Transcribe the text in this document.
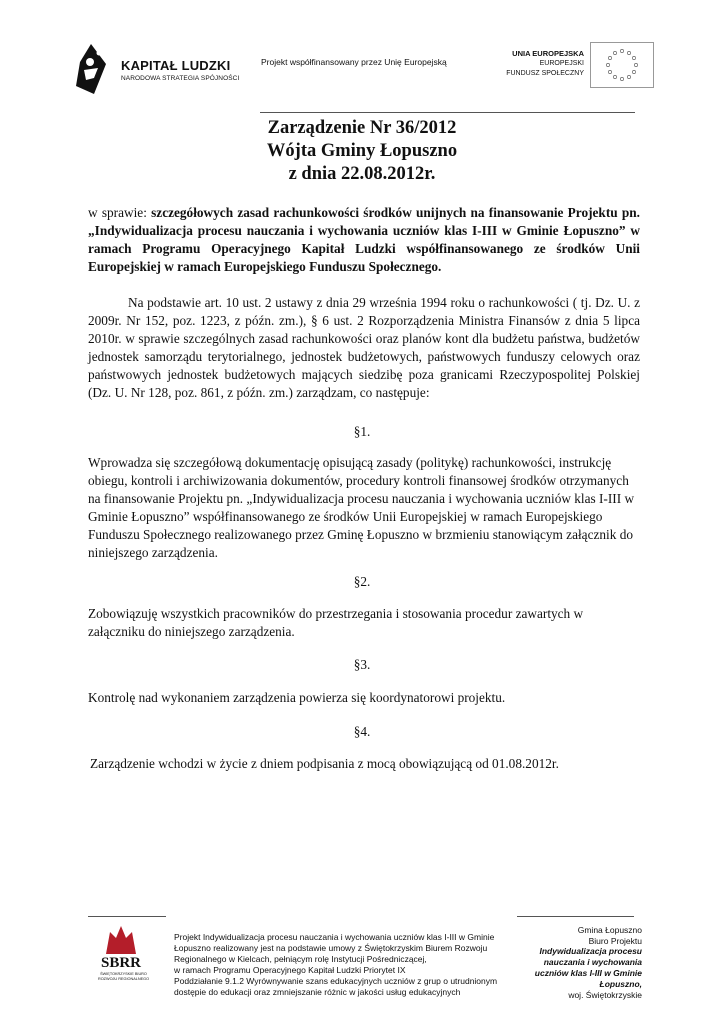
KAPITAŁ LUDZKI
NARODOWA STRATEGIA SPÓJNOŚCI
Projekt współfinansowany przez Unię Europejską
UNIA EUROPEJSKA
EUROPEJSKI
FUNDUSZ SPOŁECZNY
Zarządzenie Nr 36/2012
Wójta Gminy Łopuszno
z dnia 22.08.2012r.
w sprawie: szczegółowych zasad rachunkowości środków unijnych na finansowanie Projektu pn. „Indywidualizacja procesu nauczania i wychowania uczniów klas I-III w Gminie Łopuszno” w ramach Programu Operacyjnego Kapitał Ludzki współfinansowanego ze środków Unii Europejskiej w ramach Europejskiego Funduszu Społecznego.
Na podstawie art. 10 ust. 2 ustawy z dnia 29 września 1994 roku o rachunkowości ( tj. Dz. U. z 2009r. Nr 152, poz. 1223, z późn. zm.), § 6 ust. 2 Rozporządzenia Ministra Finansów z dnia 5 lipca 2010r. w sprawie szczególnych zasad rachunkowości oraz planów kont dla budżetu państwa, budżetów jednostek samorządu terytorialnego, jednostek budżetowych, państwowych funduszy celowych oraz państwowych jednostek budżetowych mających siedzibę poza granicami Rzeczypospolitej Polskiej (Dz. U. Nr 128, poz. 861, z późn. zm.) zarządzam, co następuje:
§1.
Wprowadza się szczegółową dokumentację opisującą zasady (politykę) rachunkowości, instrukcję obiegu, kontroli i archiwizowania dokumentów, procedury kontroli finansowej środków otrzymanych na finansowanie Projektu pn. „Indywidualizacja procesu nauczania i wychowania uczniów klas I-III w Gminie Łopuszno” współfinansowanego ze środków Unii Europejskiej w ramach Europejskiego Funduszu Społecznego realizowanego przez Gminę Łopuszno w brzmieniu stanowiącym załącznik do niniejszego zarządzenia.
§2.
Zobowiązuję wszystkich pracowników do przestrzegania i stosowania procedur zawartych w załączniku do niniejszego zarządzenia.
§3.
Kontrolę nad wykonaniem zarządzenia powierza się koordynatorowi projektu.
§4.
Zarządzenie wchodzi w życie z dniem podpisania z mocą obowiązującą od 01.08.2012r.
SBRR
ŚWIĘTOKRZYSKIE BIURO ROZWOJU REGIONALNEGO
Projekt Indywidualizacja procesu nauczania i wychowania uczniów klas I-III w Gminie
Łopuszno realizowany jest na podstawie umowy z Świętokrzyskim Biurem Rozwoju
Regionalnego w Kielcach, pełniącym rolę Instytucji Pośredniczącej,
w ramach Programu Operacyjnego Kapitał Ludzki Priorytet IX
Poddziałanie 9.1.2 Wyrównywanie szans edukacyjnych uczniów z grup o utrudnionym
dostępie do edukacji oraz zmniejszanie różnic w jakości usług edukacyjnych
Gmina Łopuszno
Biuro Projektu
Indywidualizacja procesu
nauczania i wychowania
uczniów klas I-III w Gminie
Łopuszno,
woj. Świętokrzyskie
